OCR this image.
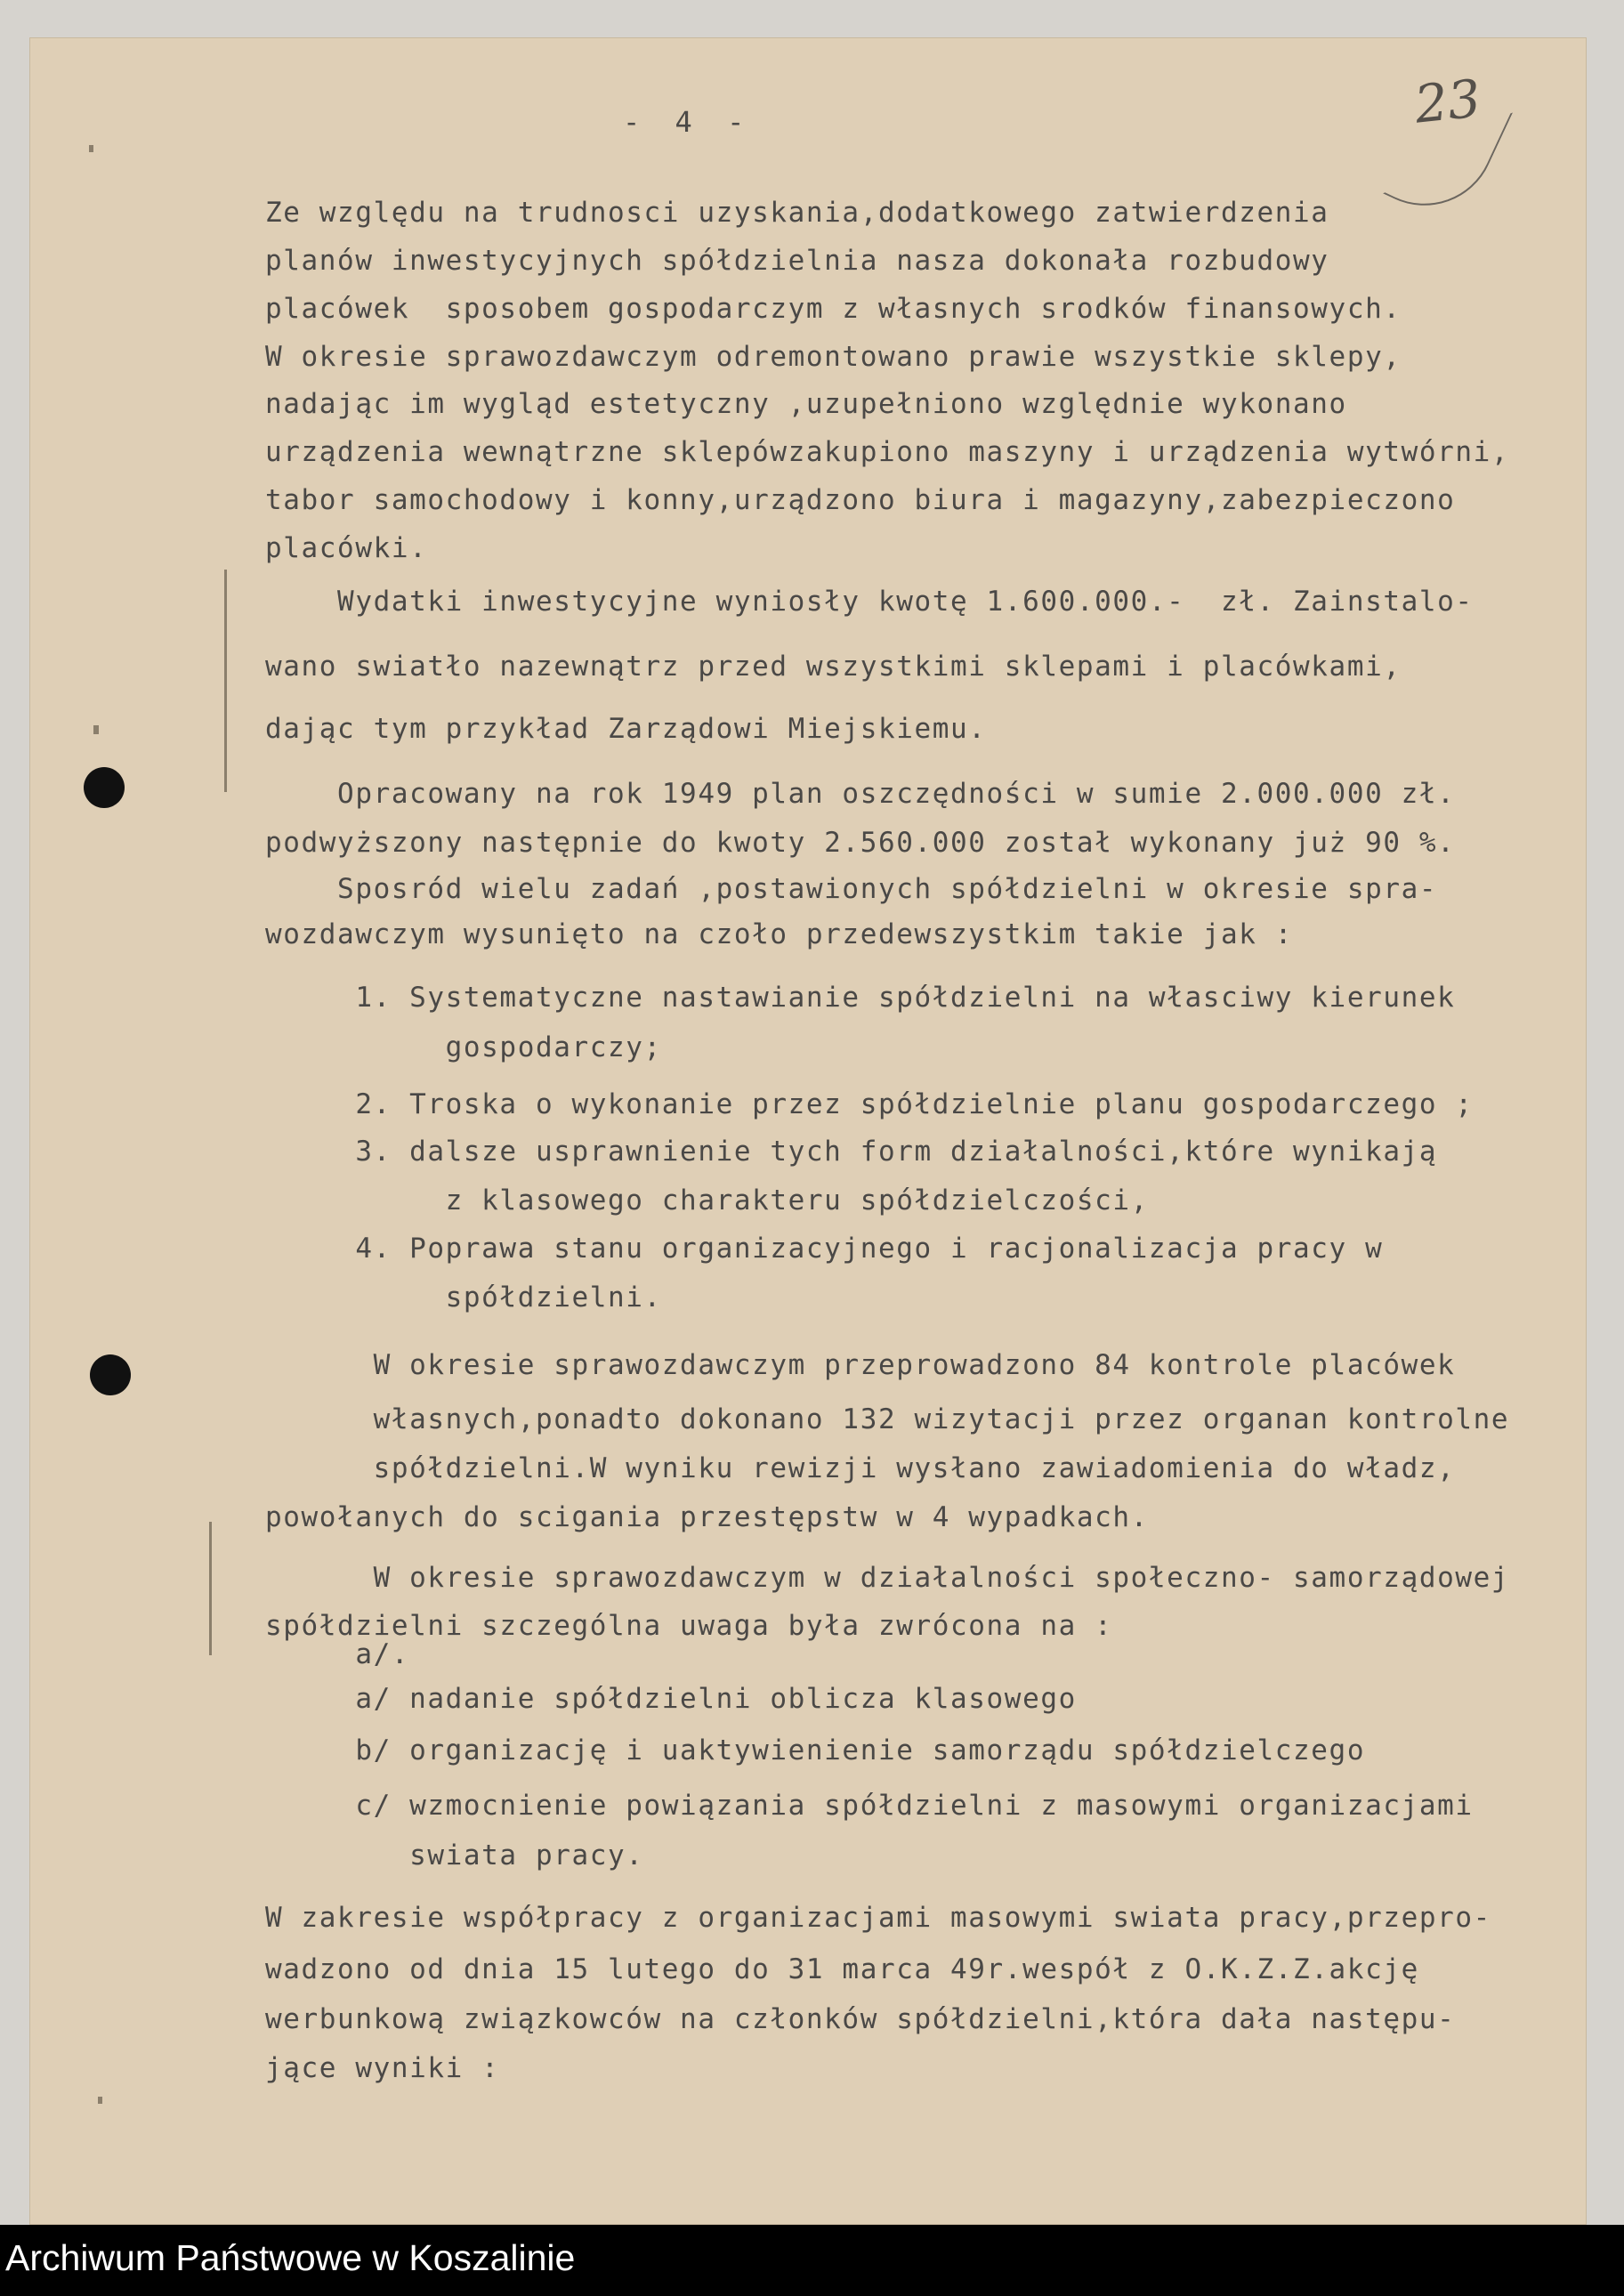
23
- 4 -
Ze względu na trudnosci uzyskania,dodatkowego zatwierdzenia
planów inwestycyjnych spółdzielnia nasza dokonała rozbudowy
placówek  sposobem gospodarczym z własnych srodków finansowych.
W okresie sprawozdawczym odremontowano prawie wszystkie sklepy,
nadając im wygląd estetyczny ,uzupełniono względnie wykonano
urządzenia wewnątrzne sklepówzakupiono maszyny i urządzenia wytwórni,
tabor samochodowy i konny,urządzono biura i magazyny,zabezpieczono
placówki.
Wydatki inwestycyjne wyniosły kwotę 1.600.000.-  zł. Zainstalo-
wano swiatło nazewnątrz przed wszystkimi sklepami i placówkami,
dając tym przykład Zarządowi Miejskiemu.
Opracowany na rok 1949 plan oszczędności w sumie 2.000.000 zł.
podwyższony następnie do kwoty 2.560.000 został wykonany już 90 %.
Sposród wielu zadań ,postawionych spółdzielni w okresie spra-
wozdawczym wysunięto na czoło przedewszystkim takie jak :
1. Systematyczne nastawianie spółdzielni na własciwy kierunek
gospodarczy;
2. Troska o wykonanie przez spółdzielnie planu gospodarczego ;
3. dalsze usprawnienie tych form działalności,które wynikają
z klasowego charakteru spółdzielczości,
4. Poprawa stanu organizacyjnego i racjonalizacja pracy w
spółdzielni.
W okresie sprawozdawczym przeprowadzono 84 kontrole placówek
własnych,ponadto dokonano 132 wizytacji przez organan kontrolne
spółdzielni.W wyniku rewizji wysłano zawiadomienia do władz,
powołanych do scigania przestępstw w 4 wypadkach.
W okresie sprawozdawczym w działalności społeczno- samorządowej
spółdzielni szczególna uwaga była zwrócona na :
a/.
a/ nadanie spółdzielni oblicza klasowego
b/ organizację i uaktywienienie samorządu spółdzielczego
c/ wzmocnienie powiązania spółdzielni z masowymi organizacjami
swiata pracy.
W zakresie współpracy z organizacjami masowymi swiata pracy,przepro-
wadzono od dnia 15 lutego do 31 marca 49r.wespół z O.K.Z.Z.akcję
werbunkową związkowców na członków spółdzielni,która dała następu-
jące wyniki :
Archiwum Państwowe w Koszalinie
